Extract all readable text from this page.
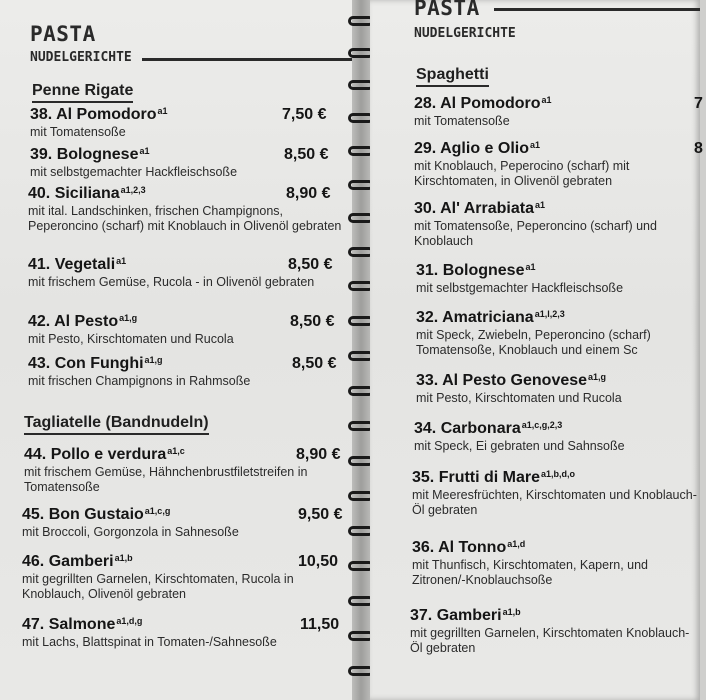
PASTA
NUDELGERICHTE
Penne Rigate
38. Al Pomodoro$^{a1}$
mit Tomatensoße
7,50 €
39. Bolognese$^{a1}$
mit selbstgemachter Hackfleischsoße
8,50 €
40. Siciliana$^{a1,2,3}$
mit ital. Landschinken, frischen Champignons, Peperoncino (scharf) mit Knoblauch in Olivenöl gebraten
8,90 €
41. Vegetali$^{a1}$
mit frischem Gemüse, Rucola - in Olivenöl gebraten
8,50 €
42. Al Pesto$^{a1,g}$
mit Pesto, Kirschtomaten und Rucola
8,50 €
43. Con Funghi$^{a1,g}$
mit frischen Champignons in Rahmsoße
8,50 €
Tagliatelle (Bandnudeln)
44. Pollo e verdura$^{a1,c}$
mit frischem Gemüse, Hähnchenbrustfiletstreifen in Tomatensoße
8,90 €
45. Bon Gustaio$^{a1,c,g}$
mit Broccoli, Gorgonzola in Sahnesoße
9,50 €
46. Gamberi$^{a1,b}$
mit gegrillten Garnelen, Kirschtomaten, Rucola in Knoblauch, Olivenöl gebraten
10,50
47. Salmone$^{a1,d,g}$
mit Lachs, Blattspinat in Tomaten-/Sahnesoße
11,50
PASTA
NUDELGERICHTE
Spaghetti
28. Al Pomodoro$^{a1}$
mit Tomatensoße
7
29. Aglio e Olio$^{a1}$
mit Knoblauch, Peperocino (scharf) mit Kirschtomaten, in Olivenöl gebraten
8
30. Al' Arrabiata$^{a1}$
mit Tomatensoße, Peperoncino (scharf) und Knoblauch
31. Bolognese$^{a1}$
mit selbstgemachter Hackfleischsoße
32. Amatriciana$^{a1,l,2,3}$
mit Speck, Zwiebeln, Peperoncino (scharf) Tomatensoße, Knoblauch und einem Sc
33. Al Pesto Genovese$^{a1,g}$
mit Pesto, Kirschtomaten und Rucola
34. Carbonara$^{a1,c,g,2,3}$
mit Speck, Ei gebraten und Sahnsoße
35. Frutti di Mare$^{a1,b,d,o}$
mit Meeresfrüchten, Kirschtomaten und Knoblauch-Öl gebraten
36. Al Tonno$^{a1,d}$
mit Thunfisch, Kirschtomaten, Kapern, und Zitronen/-Knoblauchsoße
37. Gamberi$^{a1,b}$
mit gegrillten Garnelen, Kirschtomaten Knoblauch-Öl gebraten
